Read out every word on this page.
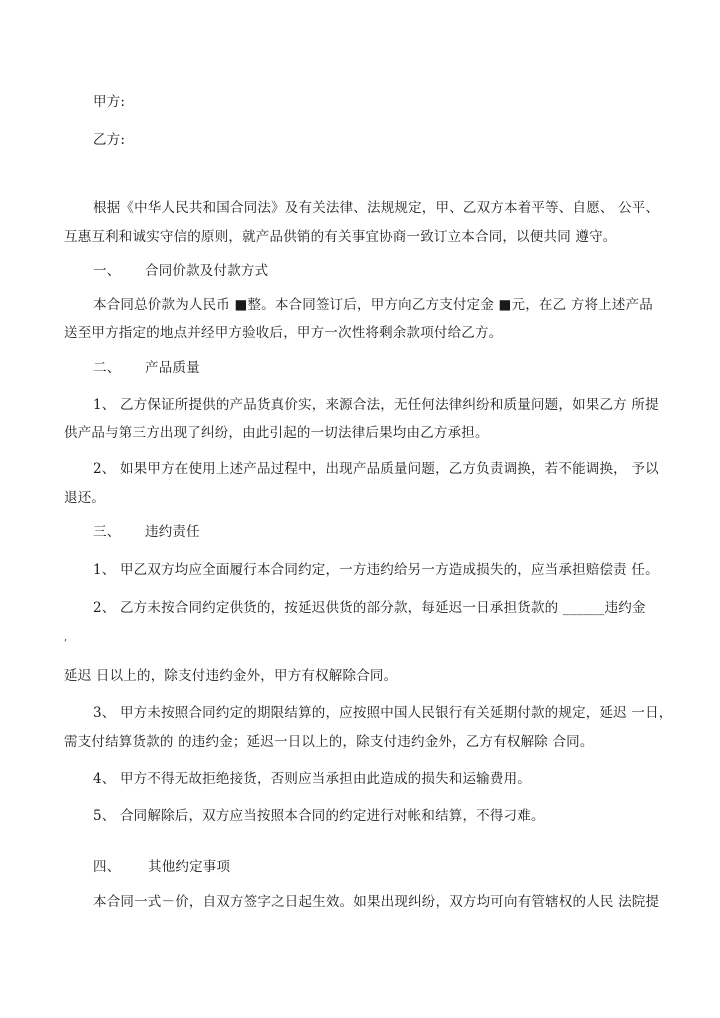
甲方:
乙方:
根据《中华人民共和国合同法》及有关法律、法规规定，甲、乙双方本着平等、自愿、 公平、
互惠互利和诚实守信的原则，就产品供销的有关事宜协商一致订立本合同，以便共同 遵守。
一、 合同价款及付款方式
本合同总价款为人民币 ■整。本合同签订后，甲方向乙方支付定金 ■元，在乙 方将上述产品
送至甲方指定的地点并经甲方验收后，甲方一次性将剩余款项付给乙方。
二、 产品质量
1、 乙方保证所提供的产品货真价实，来源合法，无任何法律纠纷和质量问题，如果乙方 所提
供产品与第三方出现了纠纷，由此引起的一切法律后果均由乙方承担。
2、 如果甲方在使用上述产品过程中，出现产品质量问题，乙方负责调换，若不能调换， 予以
退还。
三、 违约责任
1、 甲乙双方均应全面履行本合同约定，一方违约给另一方造成损失的，应当承担赔偿责 任。
2、 乙方未按合同约定供货的，按延迟供货的部分款，每延迟一日承担货款的 ______违约金
,
延迟 日以上的，除支付违约金外，甲方有权解除合同。
3、 甲方未按照合同约定的期限结算的，应按照中国人民银行有关延期付款的规定，延迟 一日，
需支付结算货款的 的违约金；延迟一日以上的，除支付违约金外，乙方有权解除 合同。
4、 甲方不得无故拒绝接货，否则应当承担由此造成的损失和运输费用。
5、 合同解除后，双方应当按照本合同的约定进行对帐和结算，不得刁难。
四、 其他约定事项
本合同一式－价，自双方签字之日起生效。如果出现纠纷，双方均可向有管辖权的人民 法院提
